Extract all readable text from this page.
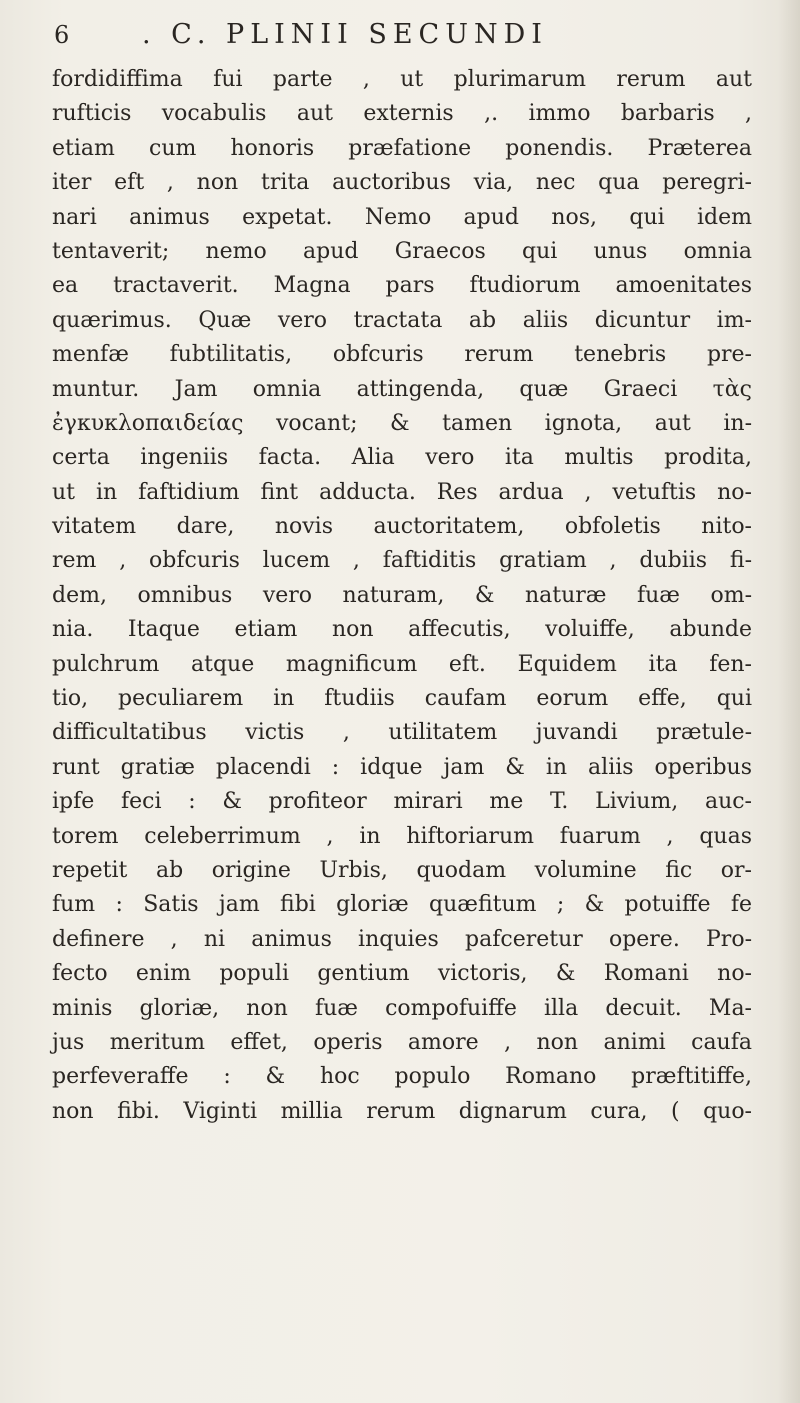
6	. C. PLINII SECUNDI
fordidiffima fui parte , ut plurimarum rerum aut
rufticis vocabulis aut externis ,. immo barbaris ,
etiam cum honoris præfatione ponendis. Præterea
iter eft , non trita auctoribus via, nec qua peregri-
nari animus expetat. Nemo apud nos, qui idem
tentaverit; nemo apud Graecos qui unus omnia
ea tractaverit. Magna pars ftudiorum amoenitates
quærimus. Quæ vero tractata ab aliis dicuntur im-
menfæ fubtilitatis, obfcuris rerum tenebris pre-
muntur. Jam omnia attingenda, quæ Graeci τὰς
ἐγκυκλοπαιδείας vocant; & tamen ignota, aut in-
certa ingeniis facta. Alia vero ita multis prodita,
ut in faftidium fint adducta. Res ardua , vetuftis no-
vitatem dare, novis auctoritatem, obfoletis nito-
rem , obfcuris lucem , faftiditis gratiam , dubiis fi-
dem, omnibus vero naturam, & naturæ fuæ om-
nia. Itaque etiam non affecutis, voluiffe, abunde
pulchrum atque magnificum eft. Equidem ita fen-
tio, peculiarem in ftudiis caufam eorum effe, qui
difficultatibus victis , utilitatem juvandi prætule-
runt gratiæ placendi : idque jam & in aliis operibus
ipfe feci : & profiteor mirari me T. Livium, auc-
torem celeberrimum , in hiftoriarum fuarum , quas
repetit ab origine Urbis, quodam volumine fic or-
fum : Satis jam fibi gloriæ quæfitum ; & potuiffe fe
definere , ni animus inquies pafceretur opere. Pro-
fecto enim populi gentium victoris, & Romani no-
minis gloriæ, non fuæ compofuiffe illa decuit. Ma-
jus meritum effet, operis amore , non animi caufa
perfeveraffe : & hoc populo Romano præftitiffe,
non fibi. Viginti millia rerum dignarum cura, ( quo-
